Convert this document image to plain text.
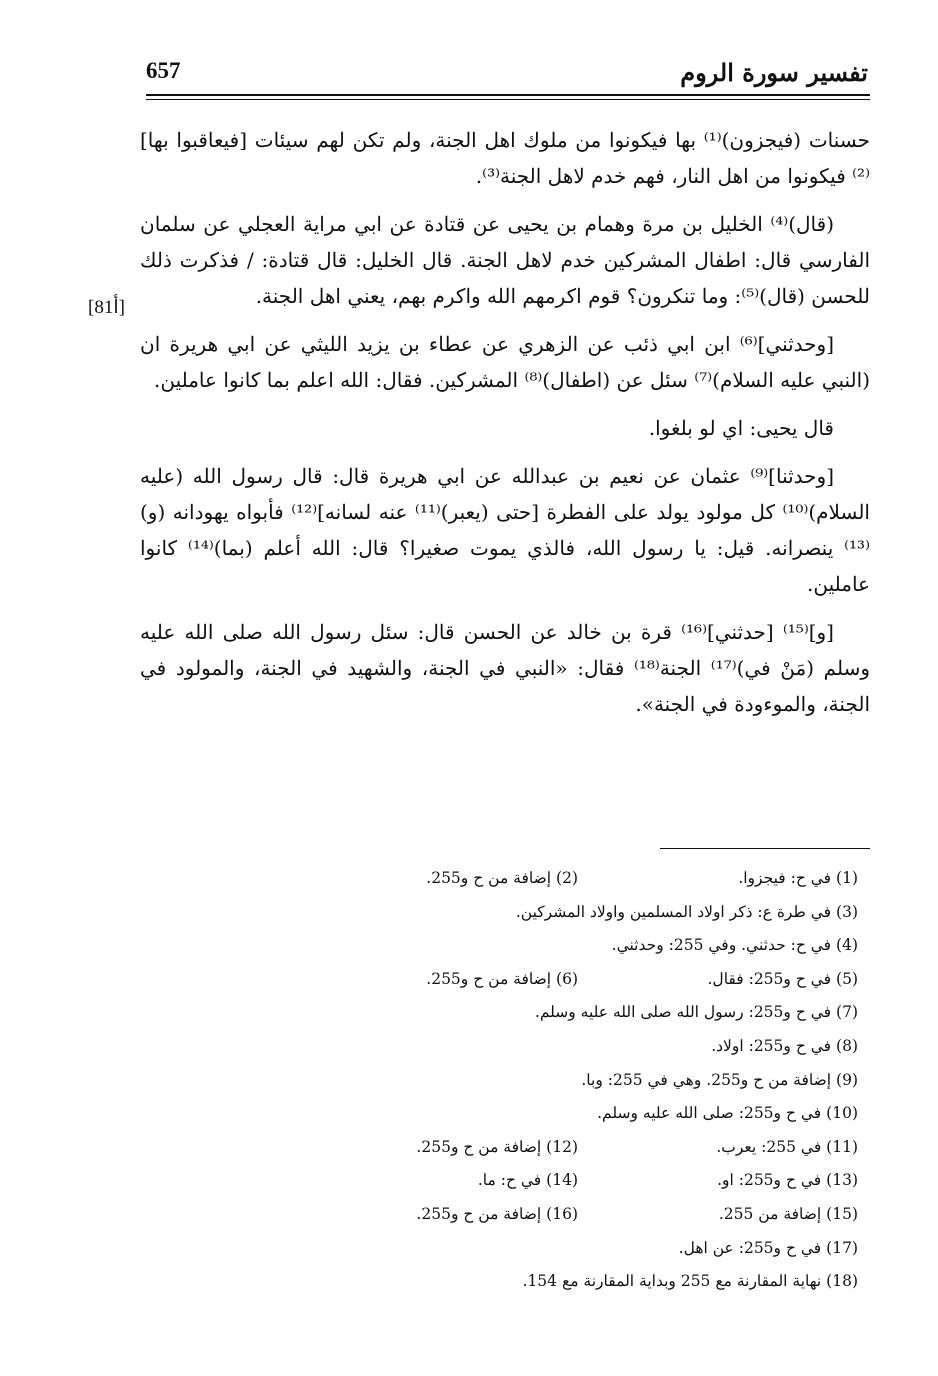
657	تفسير سورة الروم
[81أ]

حسنات (فيجزون)⁽¹⁾ بها فيكونوا من ملوك اهل الجنة، ولم تكن لهم سيئات [فيعاقبوا بها]⁽²⁾ فيكونوا من اهل النار، فهم خدم لاهل الجنة⁽³⁾.

(قال)⁽⁴⁾ الخليل بن مرة وهمام بن يحيى عن قتادة عن ابي مراية العجلي عن سلمان الفارسي قال: اطفال المشركين خدم لاهل الجنة. قال الخليل: قال قتادة: / فذكرت ذلك للحسن (قال)⁽⁵⁾: وما تنكرون؟ قوم اكرمهم الله واكرم بهم، يعني اهل الجنة.

[وحدثني]⁽⁶⁾ ابن ابي ذئب عن الزهري عن عطاء بن يزيد الليثي عن ابي هريرة ان (النبي عليه السلام)⁽⁷⁾ سئل عن (اطفال)⁽⁸⁾ المشركين. فقال: الله اعلم بما كانوا عاملين.

قال يحيى: اي لو بلغوا.

[وحدثنا]⁽⁹⁾ عثمان عن نعيم بن عبدالله عن ابي هريرة قال: قال رسول الله (عليه السلام)⁽¹⁰⁾ كل مولود يولد على الفطرة [حتى (يعبر)⁽¹¹⁾ عنه لسانه]⁽¹²⁾ فأبواه يهودانه (و)⁽¹³⁾ ينصرانه. قيل: يا رسول الله، فالذي يموت صغيرا؟ قال: الله أعلم (بما)⁽¹⁴⁾ كانوا عاملين.

[و]⁽¹⁵⁾ [حدثني]⁽¹⁶⁾ قرة بن خالد عن الحسن قال: سئل رسول الله صلى الله عليه وسلم (مَنْ في)⁽¹⁷⁾ الجنة⁽¹⁸⁾ فقال: «النبي في الجنة، والشهيد في الجنة، والمولود في الجنة، والموءودة في الجنة».

(1) في ح: فيجزوا.
(2) إضافة من ح و255.
(3) في طرة ع: ذكر اولاد المسلمين واولاد المشركين.
(4) في ح: حدثني. وفي 255: وحدثني.
(5) في ح و255: فقال.
(6) إضافة من ح و255.
(7) في ح و255: رسول الله صلى الله عليه وسلم.
(8) في ح و255: اولاد.
(9) إضافة من ح و255. وهي في 255: وبا.
(10) في ح و255: صلى الله عليه وسلم.
(11) في 255: يعرب.
(12) إضافة من ح و255.
(13) في ح و255: او.
(14) في ح: ما.
(15) إضافة من 255.
(16) إضافة من ح و255.
(17) في ح و255: عن اهل.
(18) نهاية المقارنة مع 255 وبداية المقارنة مع 154.
